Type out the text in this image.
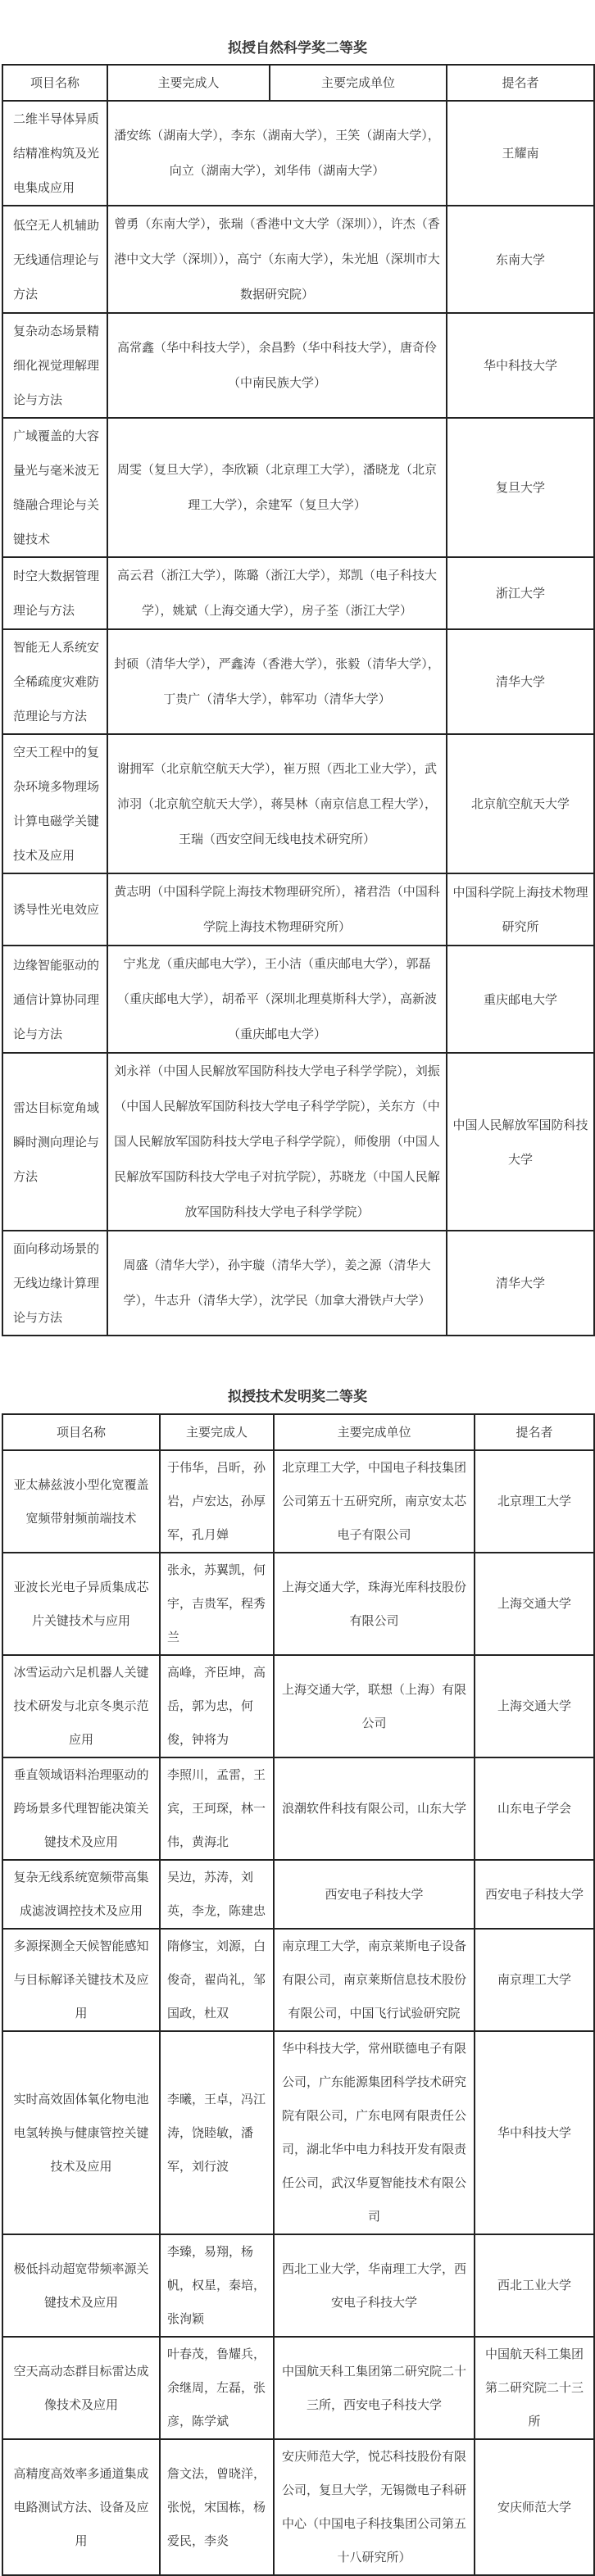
拟授自然科学奖二等奖
项目名称	主要完成人	主要完成单位	提名者
二维半导体异质结精准构筑及光电集成应用	潘安练（湖南大学），李东（湖南大学），王笑（湖南大学），向立（湖南大学），刘华伟（湖南大学）		王耀南
低空无人机辅助无线通信理论与方法	曾勇（东南大学），张瑞（香港中文大学（深圳）），许杰（香港中文大学（深圳）），高宁（东南大学），朱光旭（深圳市大数据研究院）		东南大学
复杂动态场景精细化视觉理解理论与方法	高常鑫（华中科技大学），余昌黔（华中科技大学），唐奇伶（中南民族大学）		华中科技大学
广域覆盖的大容量光与毫米波无缝融合理论与关键技术	周雯（复旦大学），李欣颖（北京理工大学），潘晓龙（北京理工大学），余建军（复旦大学）		复旦大学
时空大数据管理理论与方法	高云君（浙江大学），陈璐（浙江大学），郑凯（电子科技大学），姚斌（上海交通大学），房子荃（浙江大学）		浙江大学
智能无人系统安全稀疏度灾难防范理论与方法	封硕（清华大学），严鑫涛（香港大学），张毅（清华大学），丁贵广（清华大学），韩军功（清华大学）		清华大学
空天工程中的复杂环境多物理场计算电磁学关键技术及应用	谢拥军（北京航空航天大学），崔万照（西北工业大学），武沛羽（北京航空航天大学），蒋昊林（南京信息工程大学），王瑞（西安空间无线电技术研究所）		北京航空航天大学
诱导性光电效应	黄志明（中国科学院上海技术物理研究所），褚君浩（中国科学院上海技术物理研究所）		中国科学院上海技术物理研究所
边缘智能驱动的通信计算协同理论与方法	宁兆龙（重庆邮电大学），王小洁（重庆邮电大学），郭磊（重庆邮电大学），胡希平（深圳北理莫斯科大学），高新波（重庆邮电大学）		重庆邮电大学
雷达目标宽角域瞬时测向理论与方法	刘永祥（中国人民解放军国防科技大学电子科学学院），刘振（中国人民解放军国防科技大学电子科学学院），关东方（中国人民解放军国防科技大学电子科学学院），师俊朋（中国人民解放军国防科技大学电子对抗学院），苏晓龙（中国人民解放军国防科技大学电子科学学院）		中国人民解放军国防科技大学
面向移动场景的无线边缘计算理论与方法	周盛（清华大学），孙宇璇（清华大学），姜之源（清华大学），牛志升（清华大学），沈学民（加拿大滑铁卢大学）		清华大学
拟授技术发明奖二等奖
项目名称	主要完成人	主要完成单位	提名者
亚太赫兹波小型化宽覆盖宽频带射频前端技术	于伟华，吕昕，孙岩，卢宏达，孙厚军，孔月婵	北京理工大学，中国电子科技集团公司第五十五研究所，南京安太芯电子有限公司	北京理工大学
亚波长光电子异质集成芯片关键技术与应用	张永，苏翼凯，何宇，吉贵军，程秀兰	上海交通大学，珠海光库科技股份有限公司	上海交通大学
冰雪运动六足机器人关键技术研发与北京冬奥示范应用	高峰，齐臣坤，高岳，郭为忠，何俊，钟将为	上海交通大学，联想（上海）有限公司	上海交通大学
垂直领域语料治理驱动的跨场景多代理智能决策关键技术及应用	李照川，孟雷，王宾，王珂琛，林一伟，黄海北	浪潮软件科技有限公司，山东大学	山东电子学会
复杂无线系统宽频带高集成滤波调控技术及应用	吴边，苏涛，刘英，李龙，陈建忠	西安电子科技大学	西安电子科技大学
多源探测全天候智能感知与目标解译关键技术及应用	隋修宝，刘源，白俊奇，翟尚礼，邹国政，杜双	南京理工大学，南京莱斯电子设备有限公司，南京莱斯信息技术股份有限公司，中国飞行试验研究院	南京理工大学
实时高效固体氧化物电池电氢转换与健康管控关键技术及应用	李曦，王卓，冯江涛，饶睦敏，潘军，刘行波	华中科技大学，常州联德电子有限公司，广东能源集团科学技术研究院有限公司，广东电网有限责任公司，湖北华中电力科技开发有限责任公司，武汉华夏智能技术有限公司	华中科技大学
极低抖动超宽带频率源关键技术及应用	李臻，易翔，杨帆，权星，秦培，张洵颖	西北工业大学，华南理工大学，西安电子科技大学	西北工业大学
空天高动态群目标雷达成像技术及应用	叶春茂，鲁耀兵，余继周，左磊，张彦，陈学斌	中国航天科工集团第二研究院二十三所，西安电子科技大学	中国航天科工集团第二研究院二十三所
高精度高效率多通道集成电路测试方法、设备及应用	詹文法，曾晓洋，张悦，宋国栋，杨爱民，李炎	安庆师范大学，悦芯科技股份有限公司，复旦大学，无锡微电子科研中心（中国电子科技集团公司第五十八研究所）	安庆师范大学
